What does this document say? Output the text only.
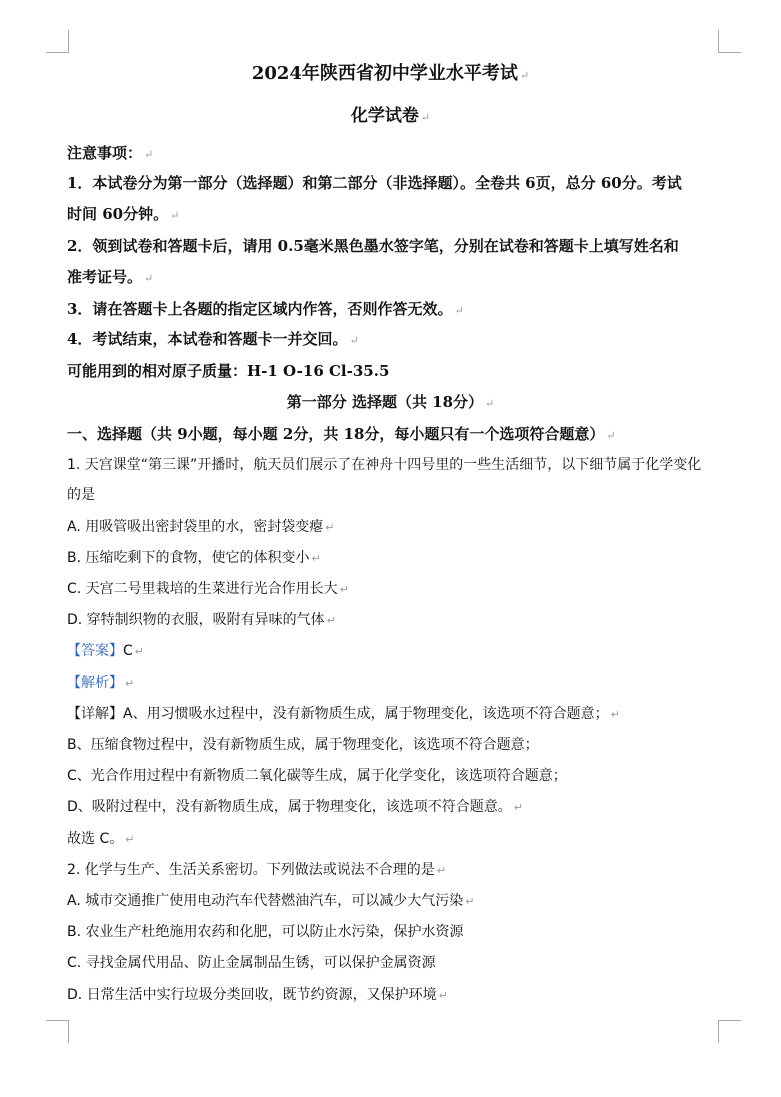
2024年陕西省初中学业水平考试 ↵
化学试卷 ↵
注意事项： ↵
1．本试卷分为第一部分（选择题）和第二部分（非选择题）。全卷共 6页，总分 60分。考试
时间 60分钟。 ↵
2．领到试卷和答题卡后，请用 0.5毫米黑色墨水签字笔，分别在试卷和答题卡上填写姓名和
准考证号。 ↵
3．请在答题卡上各题的指定区域内作答，否则作答无效。 ↵
4．考试结束，本试卷和答题卡一并交回。 ↵
可能用到的相对原子质量：H-1 O-16 Cl-35.5
第一部分 选择题（共 18分） ↵
一、选择题（共 9小题，每小题 2分，共 18分，每小题只有一个选项符合题意） ↵
1. 天宫课堂“第三课”开播时，航天员们展示了在神舟十四号里的一些生活细节，以下细节属于化学变化
的是
A. 用吸管吸出密封袋里的水，密封袋变瘪 ↵
B. 压缩吃剩下的食物，使它的体积变小 ↵
C. 天宫二号里栽培的生菜进行光合作用长大 ↵
D. 穿特制织物的衣服，吸附有异味的气体 ↵
【答案】C ↵
【解析】 ↵
【详解】A、用习惯吸水过程中，没有新物质生成，属于物理变化，该选项不符合题意； ↵
B、压缩食物过程中，没有新物质生成，属于物理变化，该选项不符合题意；
C、光合作用过程中有新物质二氧化碳等生成，属于化学变化，该选项符合题意；
D、吸附过程中，没有新物质生成，属于物理变化，该选项不符合题意。 ↵
故选 C。 ↵
2. 化学与生产、生活关系密切。下列做法或说法不合理的是 ↵
A. 城市交通推广使用电动汽车代替燃油汽车，可以减少大气污染 ↵
B. 农业生产杜绝施用农药和化肥，可以防止水污染，保护水资源
C. 寻找金属代用品、防止金属制品生锈，可以保护金属资源
D. 日常生活中实行垃圾分类回收，既节约资源，又保护环境 ↵
